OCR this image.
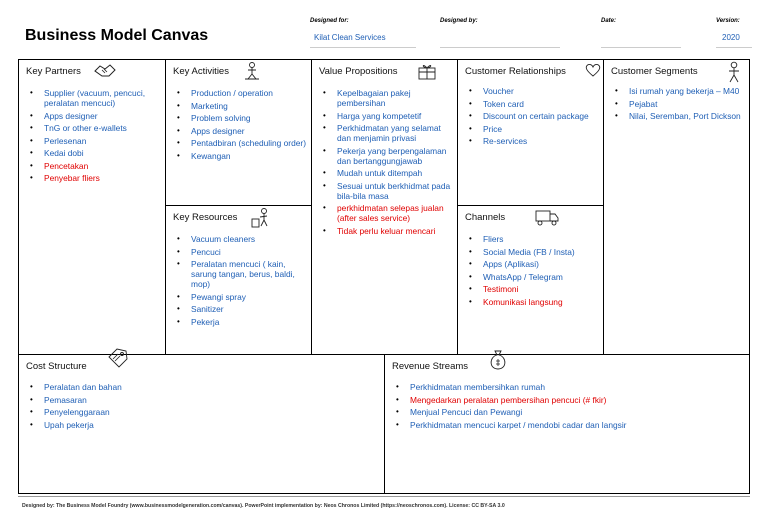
Business Model Canvas
Designed for:
Kilat Clean Services
Designed by:	Date:	Version:
2020
Key Partners
• Supplier (vacuum, pencuci, peralatan mencuci)
• Apps designer
• TnG or other e-wallets
• Perlesenan
• Kedai dobi
• Pencetakan
• Penyebar fliers
Key Activities
• Production / operation
• Marketing
• Problem solving
• Apps designer
• Pentadbiran (scheduling order)
• Kewangan
Key Resources
• Vacuum cleaners
• Pencuci
• Peralatan mencuci ( kain, sarung tangan, berus, baldi, mop)
• Pewangi spray
• Sanitizer
• Pekerja
Value Propositions
• Kepelbagaian pakej pembersihan
• Harga yang kompetetif
• Perkhidmatan yang selamat dan menjamin privasi
• Pekerja yang berpengalaman dan bertanggungjawab
• Mudah untuk ditempah
• Sesuai untuk berkhidmat pada bila-bila masa
• perkhidmatan selepas jualan (after sales service)
• Tidak perlu keluar mencari
Customer Relationships
• Voucher
• Token card
• Discount on certain package
• Price
• Re-services
Channels
• Fliers
• Social Media (FB / Insta)
• Apps (Aplikasi)
• WhatsApp / Telegram
• Testimoni
• Komunikasi langsung
Customer Segments
• Isi rumah yang bekerja – M40
• Pejabat
• Nilai, Seremban, Port Dickson
Cost Structure
• Peralatan dan bahan
• Pemasaran
• Penyelenggaraan
• Upah pekerja
Revenue Streams
• Perkhidmatan membersihkan rumah
• Mengedarkan peralatan pembersihan pencuci (# fkir)
• Menjual Pencuci dan Pewangi
• Perkhidmatan mencuci karpet / mendobi cadar dan langsir
Designed by: The Business Model Foundry (www.businessmodelgeneration.com/canvas). PowerPoint implementation by: Neos Chronos Limited (https://neoschronos.com). License: CC BY-SA 3.0
